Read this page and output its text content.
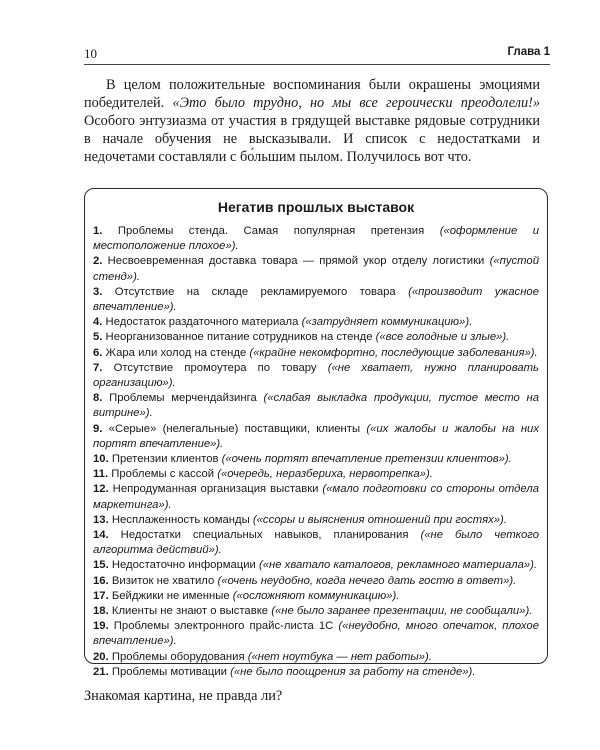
10	Глава 1

В целом положительные воспоминания были окрашены эмоциями победителей. «Это было трудно, но мы все героически преодолели!» Особого энтузиазма от участия в грядущей выставке рядовые сотрудники в начале обучения не высказывали. И список с недостатками и недочетами составляли с бо́льшим пылом. Получилось вот что.

Негатив прошлых выставок
1. Проблемы стенда. Самая популярная претензия («оформление и местоположение плохое»).
2. Несвоевременная доставка товара — прямой укор отделу логистики («пустой стенд»).
3. Отсутствие на складе рекламируемого товара («производит ужасное впечатление»).
4. Недостаток раздаточного материала («затрудняет коммуникацию»).
5. Неорганизованное питание сотрудников на стенде («все голодные и злые»).
6. Жара или холод на стенде («крайне некомфортно, последующие заболевания»).
7. Отсутствие промоутера по товару («не хватает, нужно планировать организацию»).
8. Проблемы мерчендайзинга («слабая выкладка продукции, пустое место на витрине»).
9. «Серые» (нелегальные) поставщики, клиенты («их жалобы и жалобы на них портят впечатление»).
10. Претензии клиентов («очень портят впечатление претензии клиентов»).
11. Проблемы с кассой («очередь, неразбериха, нервотрепка»).
12. Непродуманная организация выставки («мало подготовки со стороны отдела маркетинга»).
13. Несплаженность команды («ссоры и выяснения отношений при гостях»).
14. Недостатки специальных навыков, планирования («не было четкого алгоритма действий»).
15. Недостаточно информации («не хватало каталогов, рекламного материала»).
16. Визиток не хватило («очень неудобно, когда нечего дать гостю в ответ»).
17. Бейджики не именные («осложняют коммуникацию»).
18. Клиенты не знают о выставке («не было заранее презентации, не сообщали»).
19. Проблемы электронного прайс-листа 1С («неудобно, много опечаток, плохое впечатление»).
20. Проблемы оборудования («нет ноутбука — нет работы»).
21. Проблемы мотивации («не было поощрения за работу на стенде»).

Знакомая картина, не правда ли?
